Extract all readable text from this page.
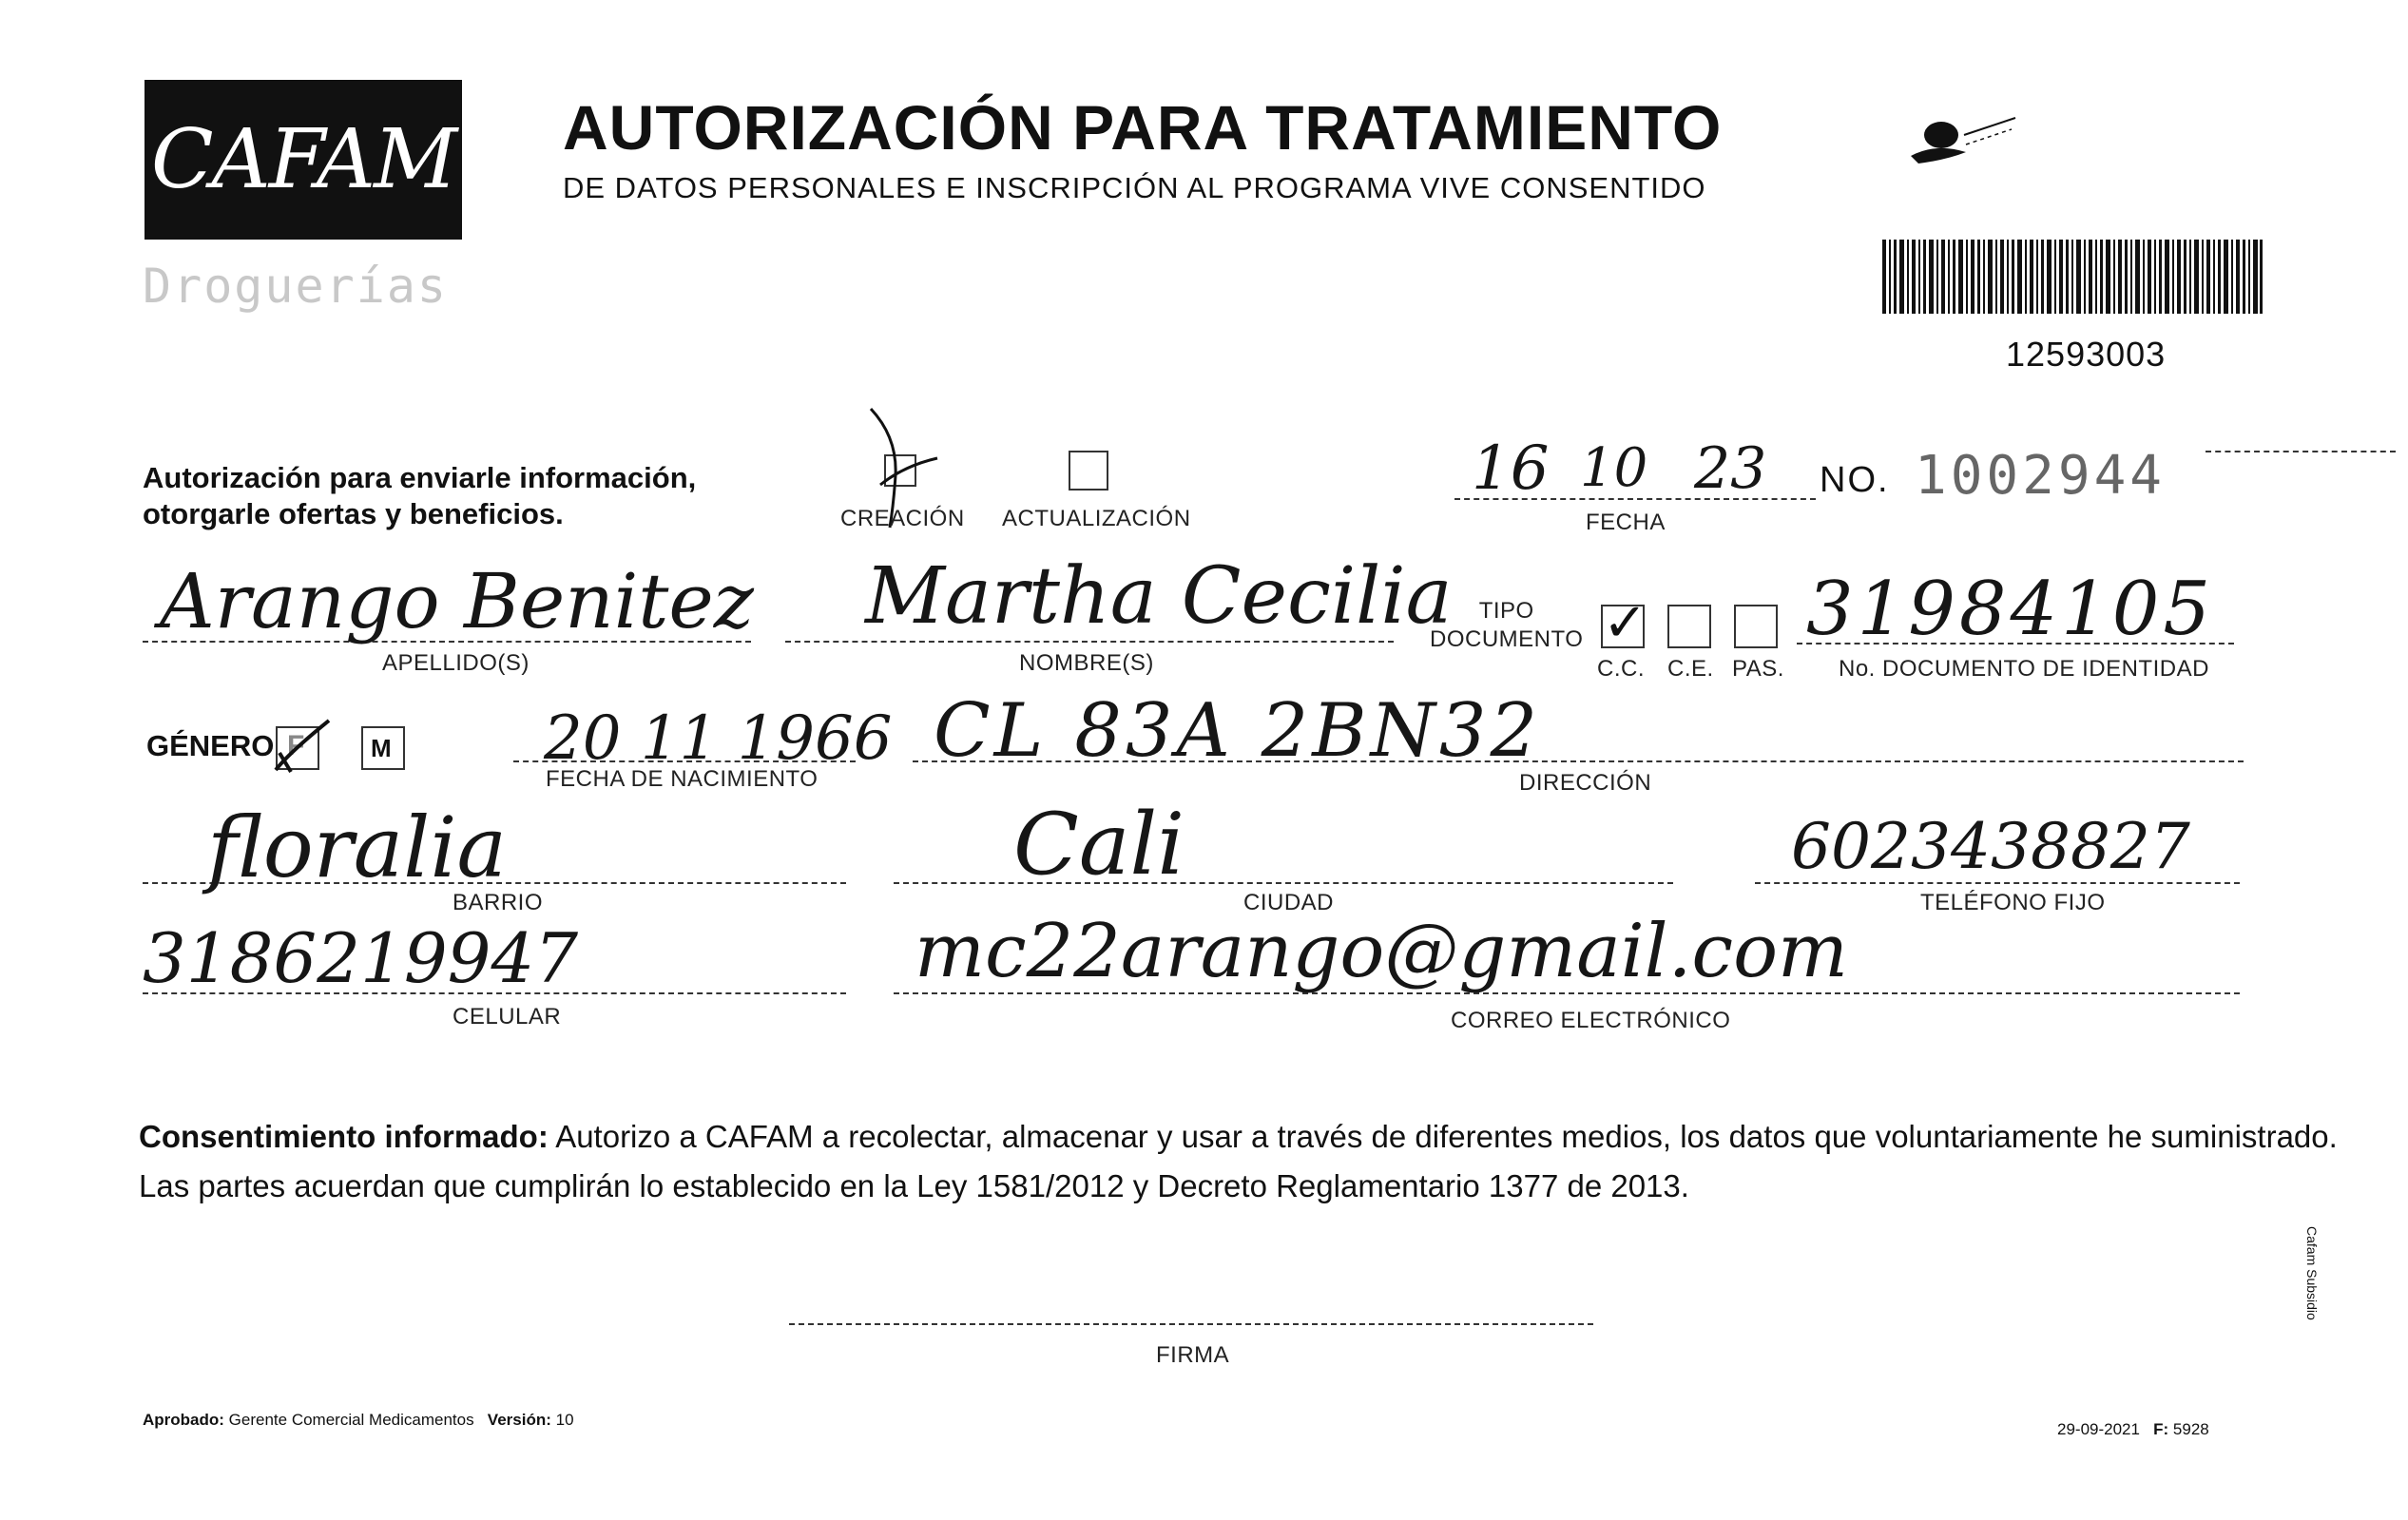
CAFAM
Droguerías
AUTORIZACIÓN PARA TRATAMIENTO
DE DATOS PERSONALES E INSCRIPCIÓN AL PROGRAMA VIVE CONSENTIDO
12593003
Autorización para enviarle información,
otorgarle ofertas y beneficios.	CREACIÓN ACTUALIZACIÓN
16 10 23
FECHA
NO. 1002944
Arango Benitez
APELLIDO(S)
Martha Cecilia
NOMBRE(S)
TIPO
DOCUMENTO ✓
C.C. C.E. PAS.
31984105
No. DOCUMENTO DE IDENTIDAD
GÉNERO F	M	20 11 1966
FECHA DE NACIMIENTO
CL 83A 2BN32
DIRECCIÓN
floralia
BARRIO
Cali
CIUDAD
6023438827
TELÉFONO FIJO
3186219947
CELULAR
mc22arango@gmail.com
CORREO ELECTRÓNICO
Consentimiento informado: Autorizo a CAFAM a recolectar, almacenar y usar a través de diferentes medios, los datos que voluntariamente he suministrado.
Las partes acuerdan que cumplirán lo establecido en la Ley 1581/2012 y Decreto Reglamentario 1377 de 2013.
FIRMA
Aprobado: Gerente Comercial Medicamentos Versión: 10
29-09-2021 F: 5928
Cafam Subsidio
